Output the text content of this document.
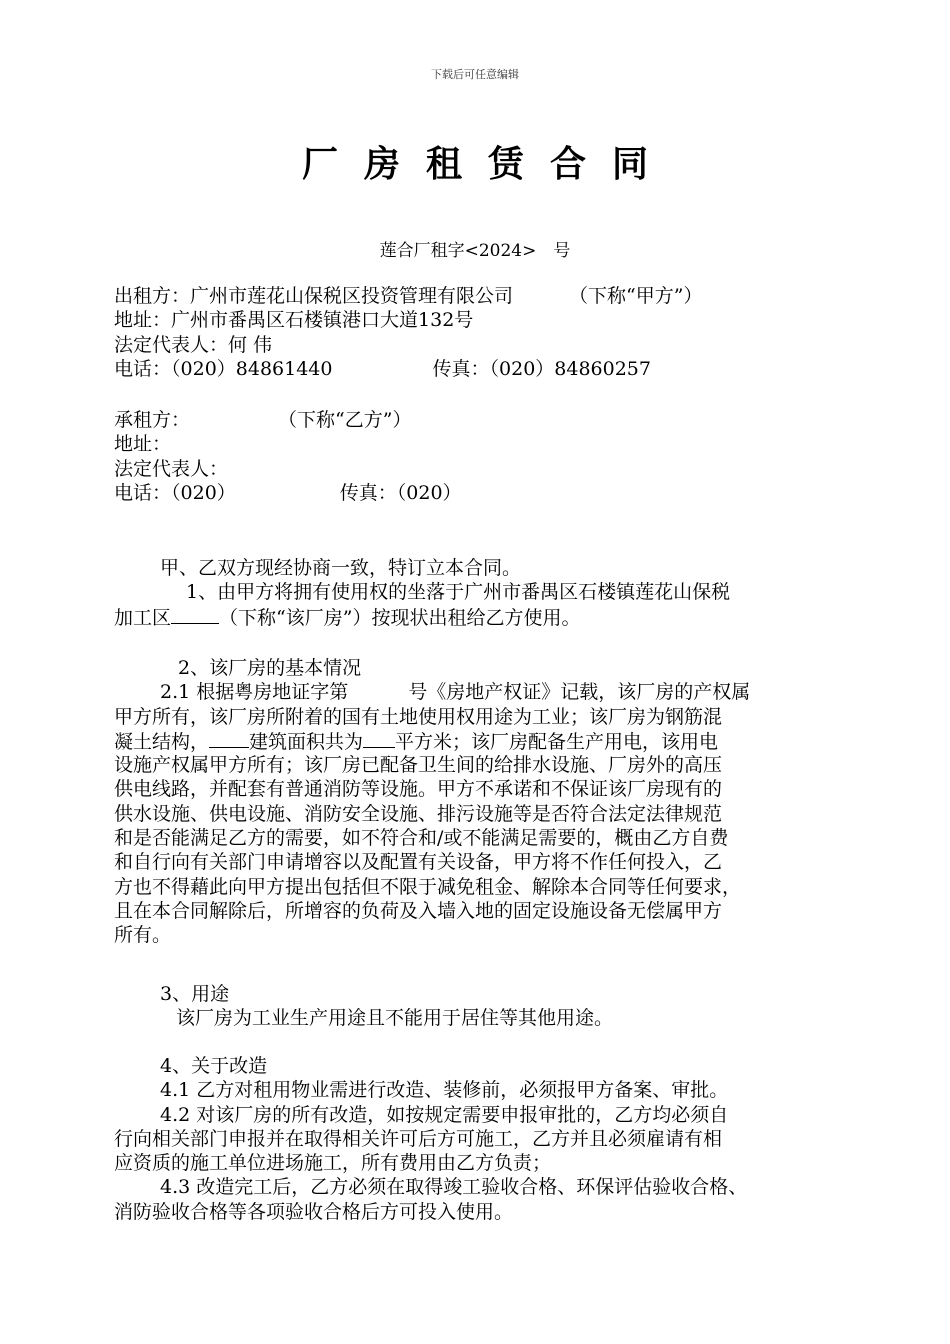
下载后可任意编辑
厂房租赁合同
莲合厂租字<2024>　号
出租方：广州市莲花山保税区投资管理有限公司	（下称“甲方”）
地址：广州市番禺区石楼镇港口大道132号
法定代表人：何 伟
电话：（020）84861440	传真：（020）84860257
承租方：	（下称“乙方”）
地址：
法定代表人：
电话：（020）	传真：（020）
甲、乙双方现经协商一致，特订立本合同。
1、由甲方将拥有使用权的坐落于广州市番禺区石楼镇莲花山保税
加工区	（下称“该厂房”）按现状出租给乙方使用。
2、该厂房的基本情况
2.1 根据粤房地证字第	号《房地产权证》记载，该厂房的产权属
甲方所有，该厂房所附着的国有土地使用权用途为工业；该厂房为钢筋混
凝土结构， 建筑面积共为 平方米；该厂房配备生产用电，该用电
设施产权属甲方所有；该厂房已配备卫生间的给排水设施、厂房外的高压
供电线路，并配套有普通消防等设施。甲方不承诺和不保证该厂房现有的
供水设施、供电设施、消防安全设施、排污设施等是否符合法定法律规范
和是否能满足乙方的需要，如不符合和/或不能满足需要的，概由乙方自费
和自行向有关部门申请增容以及配置有关设备，甲方将不作任何投入，乙
方也不得藉此向甲方提出包括但不限于减免租金、解除本合同等任何要求，
且在本合同解除后，所增容的负荷及入墙入地的固定设施设备无偿属甲方
所有。
3、用途
该厂房为工业生产用途且不能用于居住等其他用途。
4、关于改造
4.1 乙方对租用物业需进行改造、装修前，必须报甲方备案、审批。
4.2 对该厂房的所有改造，如按规定需要申报审批的，乙方均必须自
行向相关部门申报并在取得相关许可后方可施工，乙方并且必须雇请有相
应资质的施工单位进场施工，所有费用由乙方负责；
4.3 改造完工后，乙方必须在取得竣工验收合格、环保评估验收合格、
消防验收合格等各项验收合格后方可投入使用。
